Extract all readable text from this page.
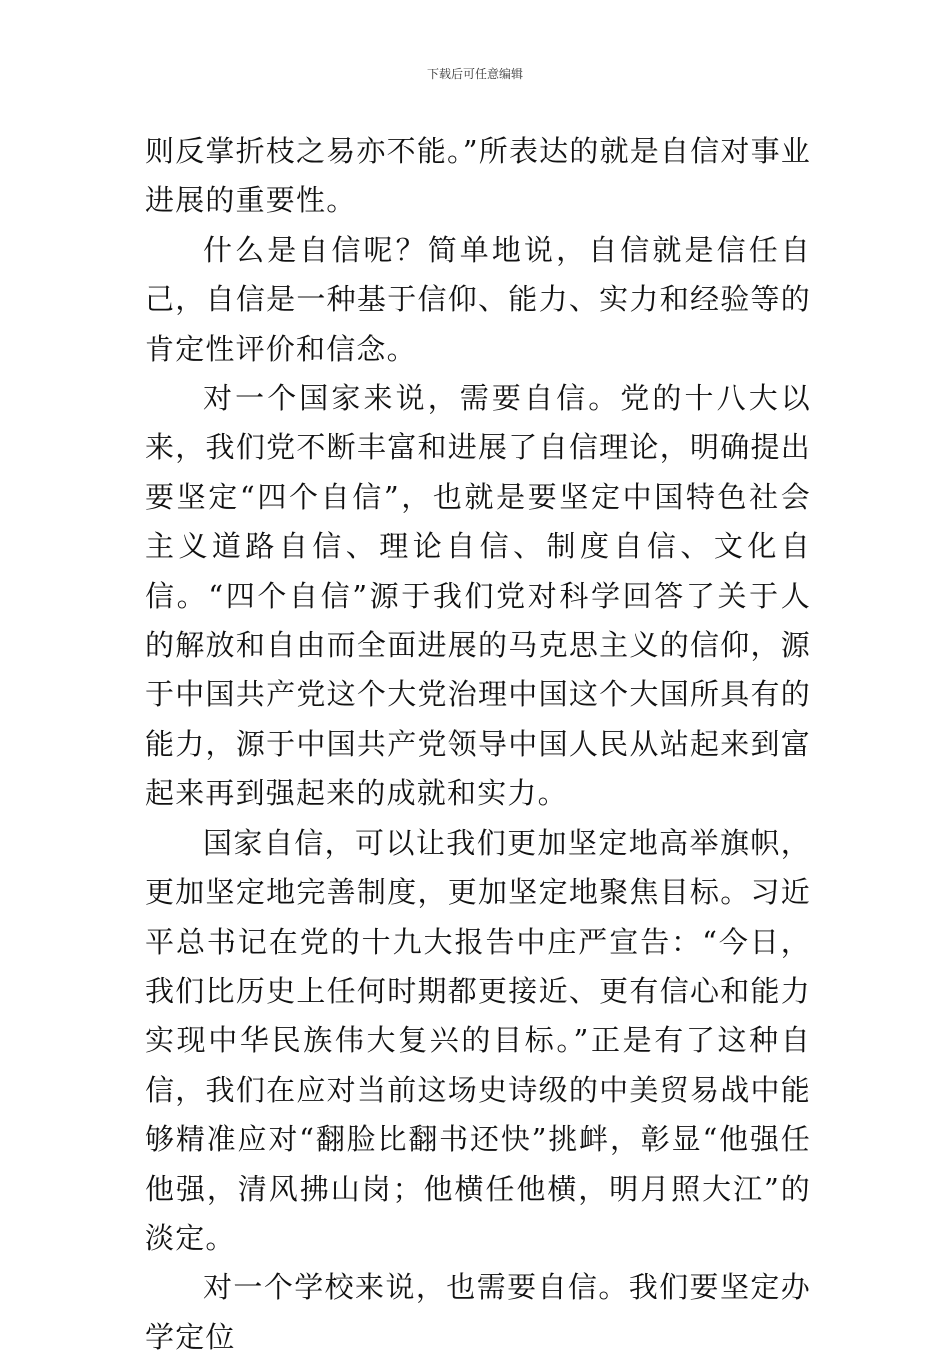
下载后可任意编辑

则反掌折枝之易亦不能。”所表达的就是自信对事业进展的重要性。

什么是自信呢？简单地说，自信就是信任自己，自信是一种基于信仰、能力、实力和经验等的肯定性评价和信念。

对一个国家来说，需要自信。党的十八大以来，我们党不断丰富和进展了自信理论，明确提出要坚定“四个自信”，也就是要坚定中国特色社会主义道路自信、理论自信、制度自信、文化自信。“四个自信”源于我们党对科学回答了关于人的解放和自由而全面进展的马克思主义的信仰，源于中国共产党这个大党治理中国这个大国所具有的能力，源于中国共产党领导中国人民从站起来到富起来再到强起来的成就和实力。

国家自信，可以让我们更加坚定地高举旗帜，更加坚定地完善制度，更加坚定地聚焦目标。习近平总书记在党的十九大报告中庄严宣告：“今日，我们比历史上任何时期都更接近、更有信心和能力实现中华民族伟大复兴的目标。”正是有了这种自信，我们在应对当前这场史诗级的中美贸易战中能够精准应对“翻脸比翻书还快”挑衅，彰显“他强任他强，清风拂山岗；他横任他横，明月照大江”的淡定。

对一个学校来说，也需要自信。我们要坚定办学定位
